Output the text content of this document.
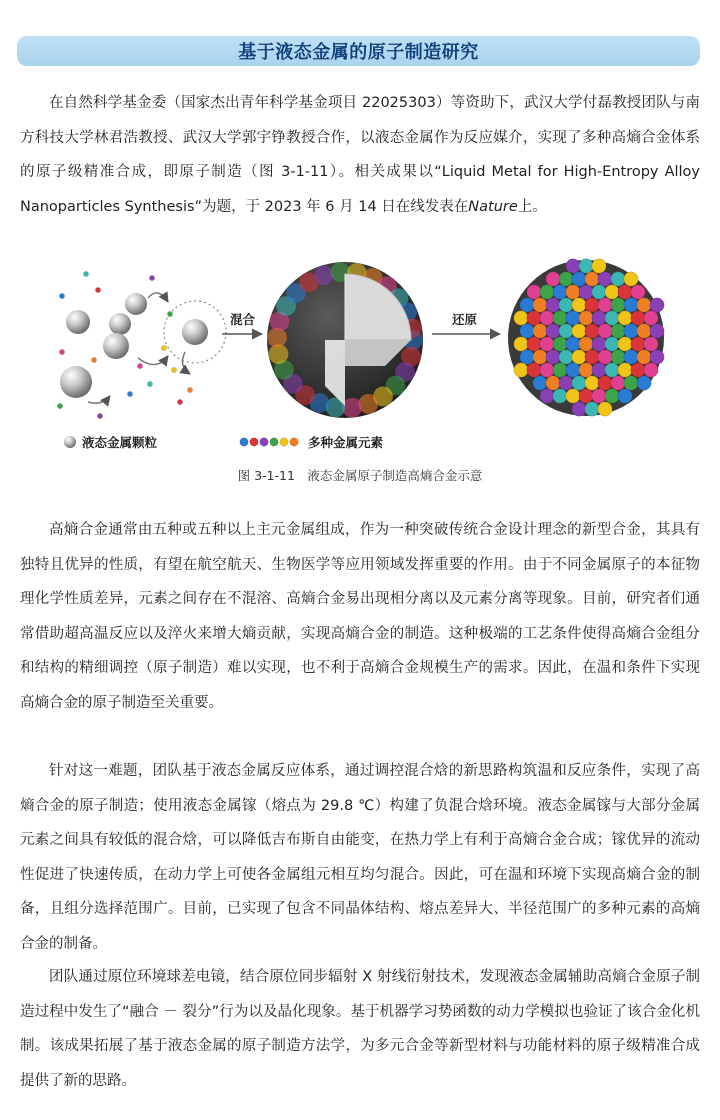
基于液态金属的原子制造研究

在自然科学基金委（国家杰出青年科学基金项目 22025303）等资助下，武汉大学付磊教授团队与南方科技大学林君浩教授、武汉大学郭宇铮教授合作，以液态金属作为反应媒介，实现了多种高熵合金体系的原子级精准合成，即原子制造（图 3-1-11）。相关成果以“Liquid Metal for High-Entropy Alloy Nanoparticles Synthesis”为题，于 2023 年 6 月 14 日在线发表在Nature上。

混合	还原
液态金属颗粒	多种金属元素
图 3-1-11　液态金属原子制造高熵合金示意

高熵合金通常由五种或五种以上主元金属组成，作为一种突破传统合金设计理念的新型合金，其具有独特且优异的性质，有望在航空航天、生物医学等应用领域发挥重要的作用。由于不同金属原子的本征物理化学性质差异，元素之间存在不混溶、高熵合金易出现相分离以及元素分离等现象。目前，研究者们通常借助超高温反应以及淬火来增大熵贡献，实现高熵合金的制造。这种极端的工艺条件使得高熵合金组分和结构的精细调控（原子制造）难以实现，也不利于高熵合金规模生产的需求。因此，在温和条件下实现高熵合金的原子制造至关重要。

针对这一难题，团队基于液态金属反应体系，通过调控混合焓的新思路构筑温和反应条件，实现了高熵合金的原子制造；使用液态金属镓（熔点为 29.8 ℃）构建了负混合焓环境。液态金属镓与大部分金属元素之间具有较低的混合焓，可以降低吉布斯自由能变，在热力学上有利于高熵合金合成；镓优异的流动性促进了快速传质，在动力学上可使各金属组元相互均匀混合。因此，可在温和环境下实现高熵合金的制备，且组分选择范围广。目前，已实现了包含不同晶体结构、熔点差异大、半径范围广的多种元素的高熵合金的制备。

团队通过原位环境球差电镜，结合原位同步辐射 X 射线衍射技术，发现液态金属辅助高熵合金原子制造过程中发生了“融合 － 裂分”行为以及晶化现象。基于机器学习势函数的动力学模拟也验证了该合金化机制。该成果拓展了基于液态金属的原子制造方法学，为多元合金等新型材料与功能材料的原子级精准合成提供了新的思路。
